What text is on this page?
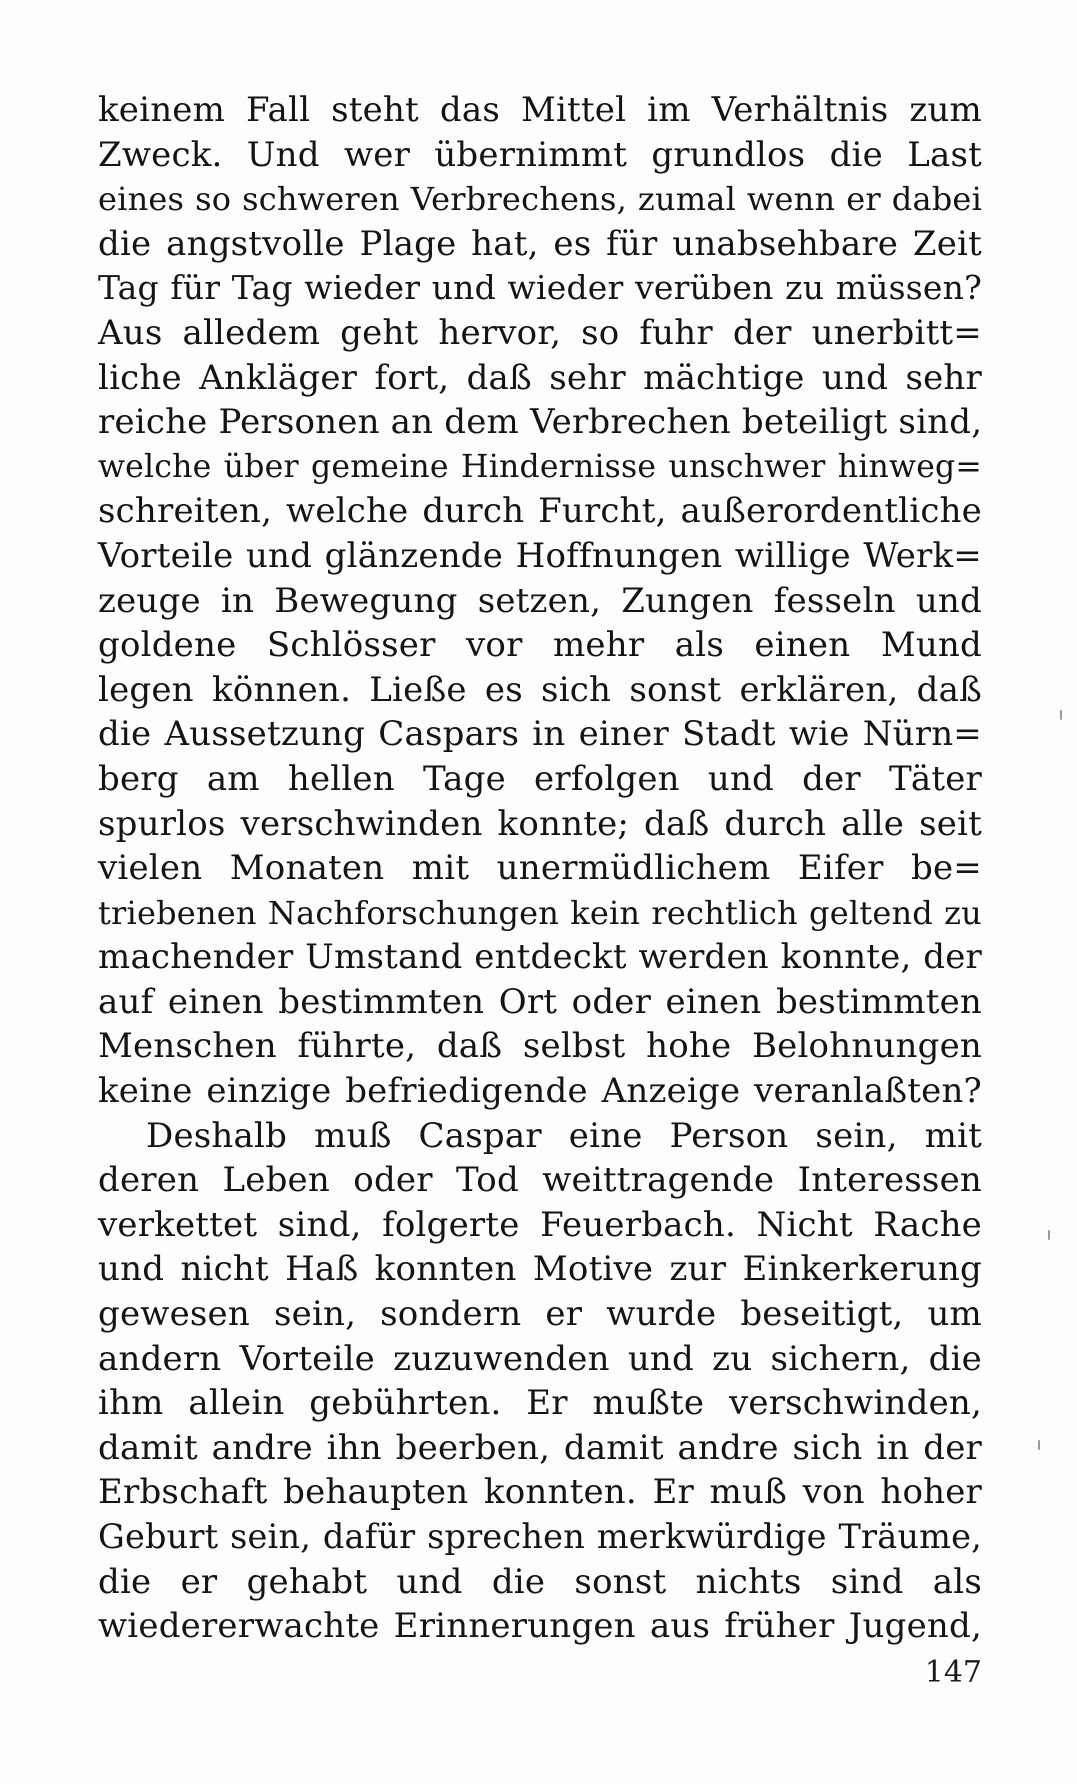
keinem Fall steht das Mittel im Verhältnis zum
Zweck. Und wer übernimmt grundlos die Last
eines so schweren Verbrechens, zumal wenn er dabei
die angstvolle Plage hat, es für unabsehbare Zeit
Tag für Tag wieder und wieder verüben zu müssen?
Aus alledem geht hervor, so fuhr der unerbitt=
liche Ankläger fort, daß sehr mächtige und sehr
reiche Personen an dem Verbrechen beteiligt sind,
welche über gemeine Hindernisse unschwer hinweg=
schreiten, welche durch Furcht, außerordentliche
Vorteile und glänzende Hoffnungen willige Werk=
zeuge in Bewegung setzen, Zungen fesseln und
goldene Schlösser vor mehr als einen Mund
legen können. Ließe es sich sonst erklären, daß
die Aussetzung Caspars in einer Stadt wie Nürn=
berg am hellen Tage erfolgen und der Täter
spurlos verschwinden konnte; daß durch alle seit
vielen Monaten mit unermüdlichem Eifer be=
triebenen Nachforschungen kein rechtlich geltend zu
machender Umstand entdeckt werden konnte, der
auf einen bestimmten Ort oder einen bestimmten
Menschen führte, daß selbst hohe Belohnungen
keine einzige befriedigende Anzeige veranlaßten?
Deshalb muß Caspar eine Person sein, mit
deren Leben oder Tod weittragende Interessen
verkettet sind, folgerte Feuerbach. Nicht Rache
und nicht Haß konnten Motive zur Einkerkerung
gewesen sein, sondern er wurde beseitigt, um
andern Vorteile zuzuwenden und zu sichern, die
ihm allein gebührten. Er mußte verschwinden,
damit andre ihn beerben, damit andre sich in der
Erbschaft behaupten konnten. Er muß von hoher
Geburt sein, dafür sprechen merkwürdige Träume,
die er gehabt und die sonst nichts sind als
wiedererwachte Erinnerungen aus früher Jugend,
147
